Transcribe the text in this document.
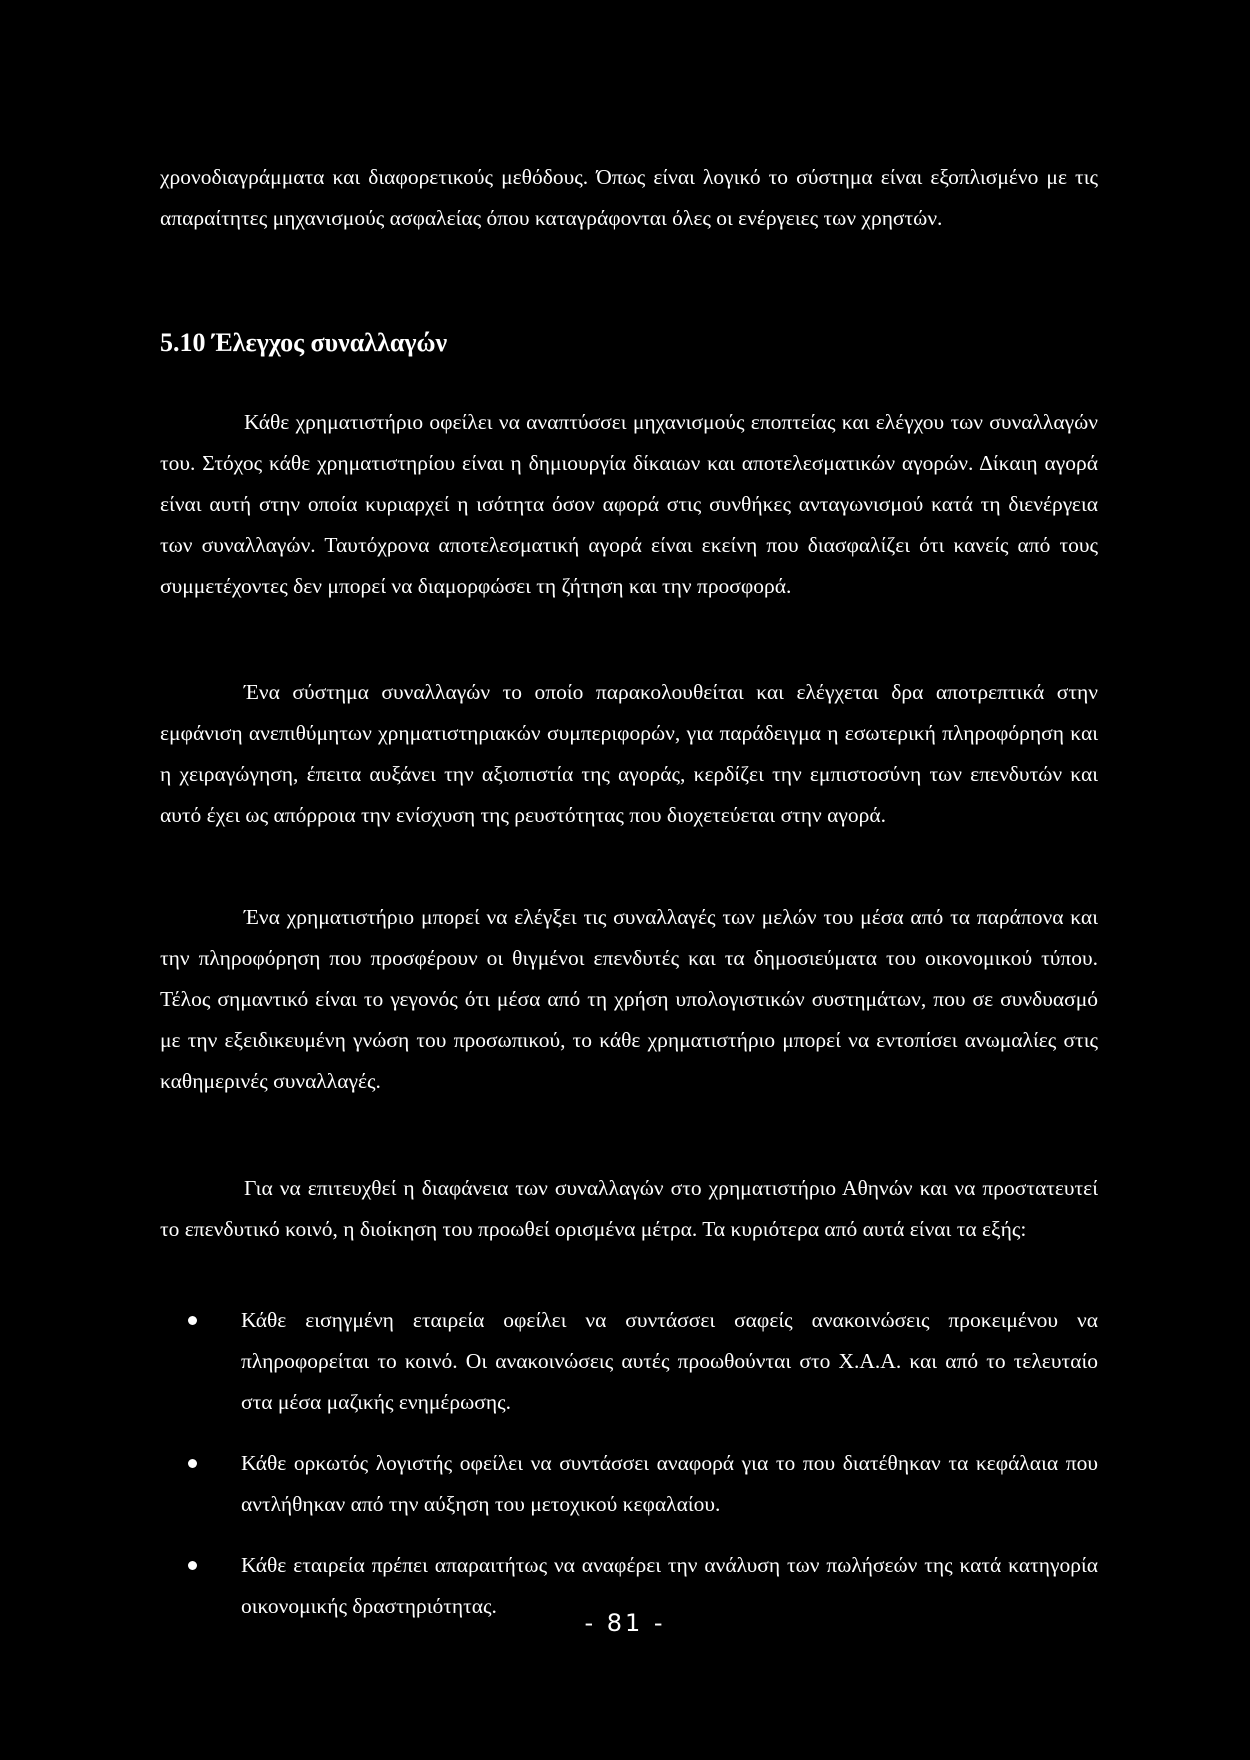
χρονοδιαγράμματα και διαφορετικούς μεθόδους. Όπως είναι λογικό το σύστημα είναι εξοπλισμένο με τις απαραίτητες μηχανισμούς ασφαλείας όπου καταγράφονται όλες οι ενέργειες των χρηστών.

5.10 Έλεγχος συναλλαγών

Κάθε χρηματιστήριο οφείλει να αναπτύσσει μηχανισμούς εποπτείας και ελέγχου των συναλλαγών του. Στόχος κάθε χρηματιστηρίου είναι η δημιουργία δίκαιων και αποτελεσματικών αγορών. Δίκαιη αγορά είναι αυτή στην οποία κυριαρχεί η ισότητα όσον αφορά στις συνθήκες ανταγωνισμού κατά τη διενέργεια των συναλλαγών. Ταυτόχρονα αποτελεσματική αγορά είναι εκείνη που διασφαλίζει ότι κανείς από τους συμμετέχοντες δεν μπορεί να διαμορφώσει τη ζήτηση και την προσφορά.

Ένα σύστημα συναλλαγών το οποίο παρακολουθείται και ελέγχεται δρα αποτρεπτικά στην εμφάνιση ανεπιθύμητων χρηματιστηριακών συμπεριφορών, για παράδειγμα η εσωτερική πληροφόρηση και η χειραγώγηση, έπειτα αυξάνει την αξιοπιστία της αγοράς, κερδίζει την εμπιστοσύνη των επενδυτών και αυτό έχει ως απόρροια την ενίσχυση της ρευστότητας που διοχετεύεται στην αγορά.

Ένα χρηματιστήριο μπορεί να ελέγξει τις συναλλαγές των μελών του μέσα από τα παράπονα και την πληροφόρηση που προσφέρουν οι θιγμένοι επενδυτές και τα δημοσιεύματα του οικονομικού τύπου. Τέλος σημαντικό είναι το γεγονός ότι μέσα από τη χρήση υπολογιστικών συστημάτων, που σε συνδυασμό με την εξειδικευμένη γνώση του προσωπικού, το κάθε χρηματιστήριο μπορεί να εντοπίσει ανωμαλίες στις καθημερινές συναλλαγές.

Για να επιτευχθεί η διαφάνεια των συναλλαγών στο χρηματιστήριο Αθηνών και να προστατευτεί το επενδυτικό κοινό, η διοίκηση του προωθεί ορισμένα μέτρα. Τα κυριότερα από αυτά είναι τα εξής:

Κάθε εισηγμένη εταιρεία οφείλει να συντάσσει σαφείς ανακοινώσεις προκειμένου να πληροφορείται το κοινό. Οι ανακοινώσεις αυτές προωθούνται στο Χ.Α.Α. και από το τελευταίο στα μέσα μαζικής ενημέρωσης.
Κάθε ορκωτός λογιστής οφείλει να συντάσσει αναφορά για το που διατέθηκαν τα κεφάλαια που αντλήθηκαν από την αύξηση του μετοχικού κεφαλαίου.
Κάθε εταιρεία πρέπει απαραιτήτως να αναφέρει την ανάλυση των πωλήσεών της κατά κατηγορία οικονομικής δραστηριότητας.
- 81 -
